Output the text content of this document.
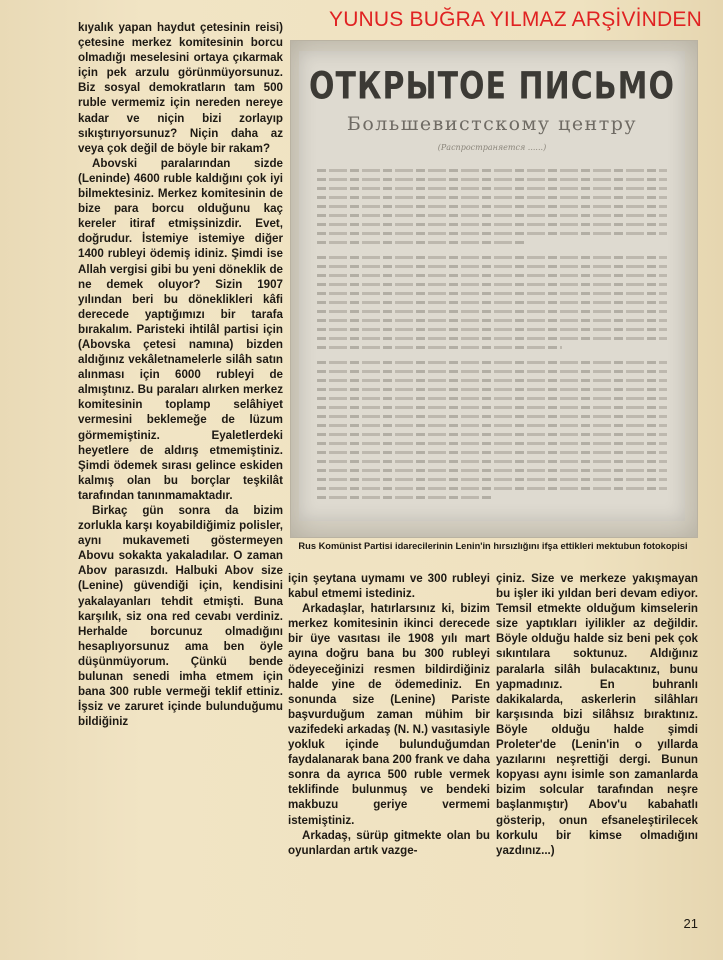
YUNUS BUĞRA YILMAZ ARŞİVİNDEN

kıyalık yapan haydut çetesinin reisi) çetesine merkez komitesinin borcu olmadığı meselesini ortaya çıkarmak için pek arzulu görünmüyorsunuz. Biz sosyal demokratların tam 500 ruble vermemiz için nereden nereye kadar ve niçin bizi zorlayıp sıkıştırıyorsunuz? Niçin daha az veya çok değil de böyle bir rakam?

Abovski paralarından sizde (Leninde) 4600 ruble kaldığını çok iyi bilmektesiniz. Merkez komitesinin de bize para borcu olduğunu kaç kereler itiraf etmişsinizdir. Evet, doğrudur. İstemiye istemiye diğer 1400 rubleyi ödemiş idiniz. Şimdi ise Allah vergisi gibi bu yeni döneklik de ne demek oluyor? Sizin 1907 yılından beri bu döneklikleri kâfi derecede yaptığımızı bir tarafa bırakalım. Paristeki ihtilâl partisi için (Abovska çetesi namına) bizden aldığınız vekâletnamelerle silâh satın alınması için 6000 rubleyi de almıştınız. Bu paraları alırken merkez komitesinin toplamp selâhiyet vermesini beklemeğe de lüzum görmemiştiniz. Eyaletlerdeki heyetlere de aldırış etmemiştiniz. Şimdi ödemek sırası gelince eskiden kalmış olan bu borçlar teşkilât tarafından tanınmamaktadır.

Birkaç gün sonra da bizim zorlukla karşı koyabildiğimiz polisler, aynı mukavemeti göstermeyen Abovu sokakta yakaladılar. O zaman Abov parasızdı. Halbuki Abov size (Lenine) güvendiği için, kendisini yakalayanları tehdit etmişti. Buna karşılık, siz ona red cevabı verdiniz. Herhalde borcunuz olmadığını hesaplıyorsunuz ama ben öyle düşünmüyorum. Çünkü bende bulunan senedi imha etmem için bana 300 ruble vermeği teklif ettiniz. İşsiz ve zaruret içinde bulunduğumu bildiğiniz

ОТКРЫТОЕ ПИСЬМО
Большевистскому центру
(Распространяется ......)
Rus Komünist Partisi idarecilerinin Lenin'in hırsızlığını ifşa ettikleri mektubun fotokopisi

için şeytana uymamı ve 300 rubleyi kabul etmemi istediniz.

Arkadaşlar, hatırlarsınız ki, bizim merkez komitesinin ikinci derecede bir üye vasıtası ile 1908 yılı mart ayına doğru bana bu 300 rubleyi ödeyeceğinizi resmen bildirdiğiniz halde yine de ödemediniz. En sonunda size (Lenine) Pariste başvurduğum zaman mühim bir vazifedeki arkadaş (N. N.) vasıtasiyle yokluk içinde bulunduğumdan faydalanarak bana 200 frank ve daha sonra da ayrıca 500 ruble vermek teklifinde bulunmuş ve bendeki makbuzu geriye vermemi istemiştiniz.

Arkadaş, sürüp gitmekte olan bu oyunlardan artık vazge-

çiniz. Size ve merkeze yakışmayan bu işler iki yıldan beri devam ediyor. Temsil etmekte olduğum kimselerin size yaptıkları iyilikler az değildir. Böyle olduğu halde siz beni pek çok sıkıntılara soktunuz. Aldığınız paralarla silâh bulacaktınız, bunu yapmadınız. En buhranlı dakikalarda, askerlerin silâhları karşısında bizi silâhsız bıraktınız. Böyle olduğu halde şimdi Proleter'de (Lenin'in o yıllarda yazılarını neşrettiği dergi. Bunun kopyası aynı isimle son zamanlarda bizim solcular tarafından neşre başlanmıştır) Abov'u kabahatlı gösterip, onun efsaneleştirilecek korkulu bir kimse olmadığını yazdınız...)

21
